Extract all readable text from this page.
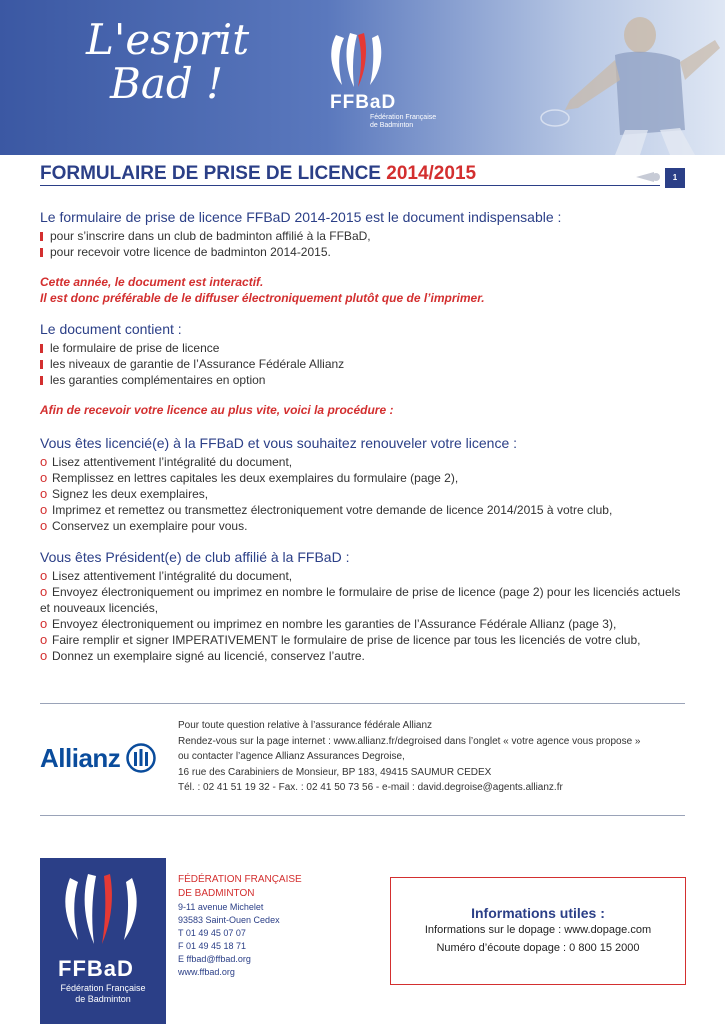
L'esprit
Bad !	FFBaD
Fédération Française
de Badminton
FORMULAIRE DE PRISE DE LICENCE 2014/2015	1
Le formulaire de prise de licence FFBaD 2014-2015 est le document indispensable :
pour s’inscrire dans un club de badminton affilié à la FFBaD,
pour recevoir votre licence de badminton 2014-2015.
Cette année, le document est interactif.
Il est donc préférable de le diffuser électroniquement plutôt que de l’imprimer.
Le document contient :
le formulaire de prise de licence
les niveaux de garantie de l’Assurance Fédérale Allianz
les garanties complémentaires en option
Afin de recevoir votre licence au plus vite, voici la procédure :
Vous êtes licencié(e) à la FFBaD et vous souhaitez renouveler votre licence :
o Lisez attentivement l’intégralité du document,
o Remplissez en lettres capitales les deux exemplaires du formulaire (page 2),
o Signez les deux exemplaires,
o Imprimez et remettez ou transmettez électroniquement votre demande de licence 2014/2015 à votre club,
o Conservez un exemplaire pour vous.
Vous êtes Président(e) de club affilié à la FFBaD :
o Lisez attentivement l’intégralité du document,
o Envoyez électroniquement ou imprimez en nombre le formulaire de prise de licence (page 2) pour les licenciés actuels et nouveaux licenciés,
o Envoyez électroniquement ou imprimez en nombre les garanties de l’Assurance Fédérale Allianz (page 3),
o Faire remplir et signer IMPERATIVEMENT le formulaire de prise de licence par tous les licenciés de votre club,
o Donnez un exemplaire signé au licencié, conservez l’autre.
Allianz
Pour toute question relative à l’assurance fédérale Allianz
Rendez-vous sur la page internet : www.allianz.fr/degroised dans l’onglet « votre agence vous propose »
ou contacter l’agence Allianz Assurances Degroise,
16 rue des Carabiniers de Monsieur, BP 183, 49415 SAUMUR CEDEX
Tél. : 02 41 51 19 32 - Fax. : 02 41 50 73 56 - e-mail : david.degroise@agents.allianz.fr
FFBaD
Fédération Française
de Badminton
FÉDÉRATION FRANÇAISE
DE BADMINTON
9-11 avenue Michelet
93583 Saint-Ouen Cedex
T 01 49 45 07 07
F 01 49 45 18 71
E ffbad@ffbad.org
www.ffbad.org
Informations utiles :
Informations sur le dopage : www.dopage.com
Numéro d’écoute dopage : 0 800 15 2000
